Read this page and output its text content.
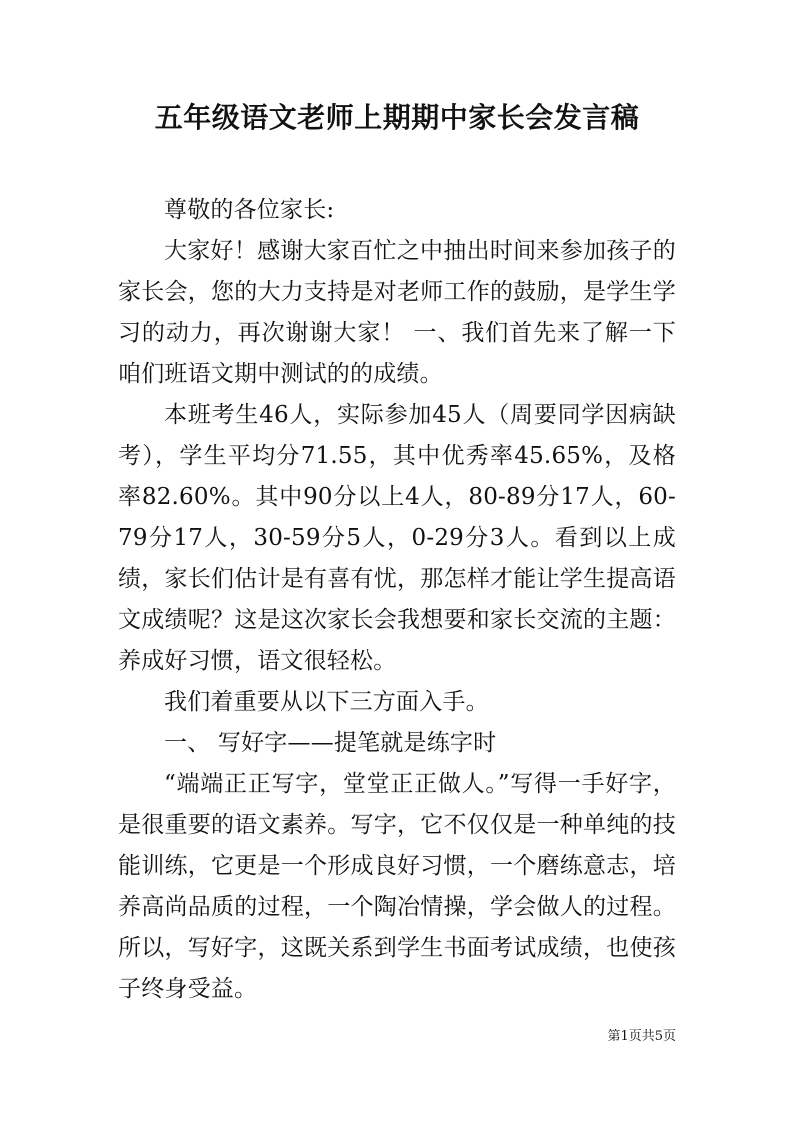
五年级语文老师上期期中家长会发言稿

尊敬的各位家长:

大家好！感谢大家百忙之中抽出时间来参加孩子的家长会，您的大力支持是对老师工作的鼓励，是学生学习的动力，再次谢谢大家！ 一、我们首先来了解一下咱们班语文期中测试的的成绩。

本班考生46人，实际参加45人（周要同学因病缺考），学生平均分71.55，其中优秀率45.65%，及格率82.60%。其中90分以上4人，80-89分17人，60-79分17人，30-59分5人，0-29分3人。看到以上成绩，家长们估计是有喜有忧，那怎样才能让学生提高语文成绩呢？这是这次家长会我想要和家长交流的主题：养成好习惯，语文很轻松。

我们着重要从以下三方面入手。

一、 写好字——提笔就是练字时

“端端正正写字，堂堂正正做人。”写得一手好字，是很重要的语文素养。写字，它不仅仅是一种单纯的技能训练，它更是一个形成良好习惯，一个磨练意志，培养高尚品质的过程，一个陶冶情操，学会做人的过程。所以，写好字，这既关系到学生书面考试成绩，也使孩子终身受益。

第1页共5页
